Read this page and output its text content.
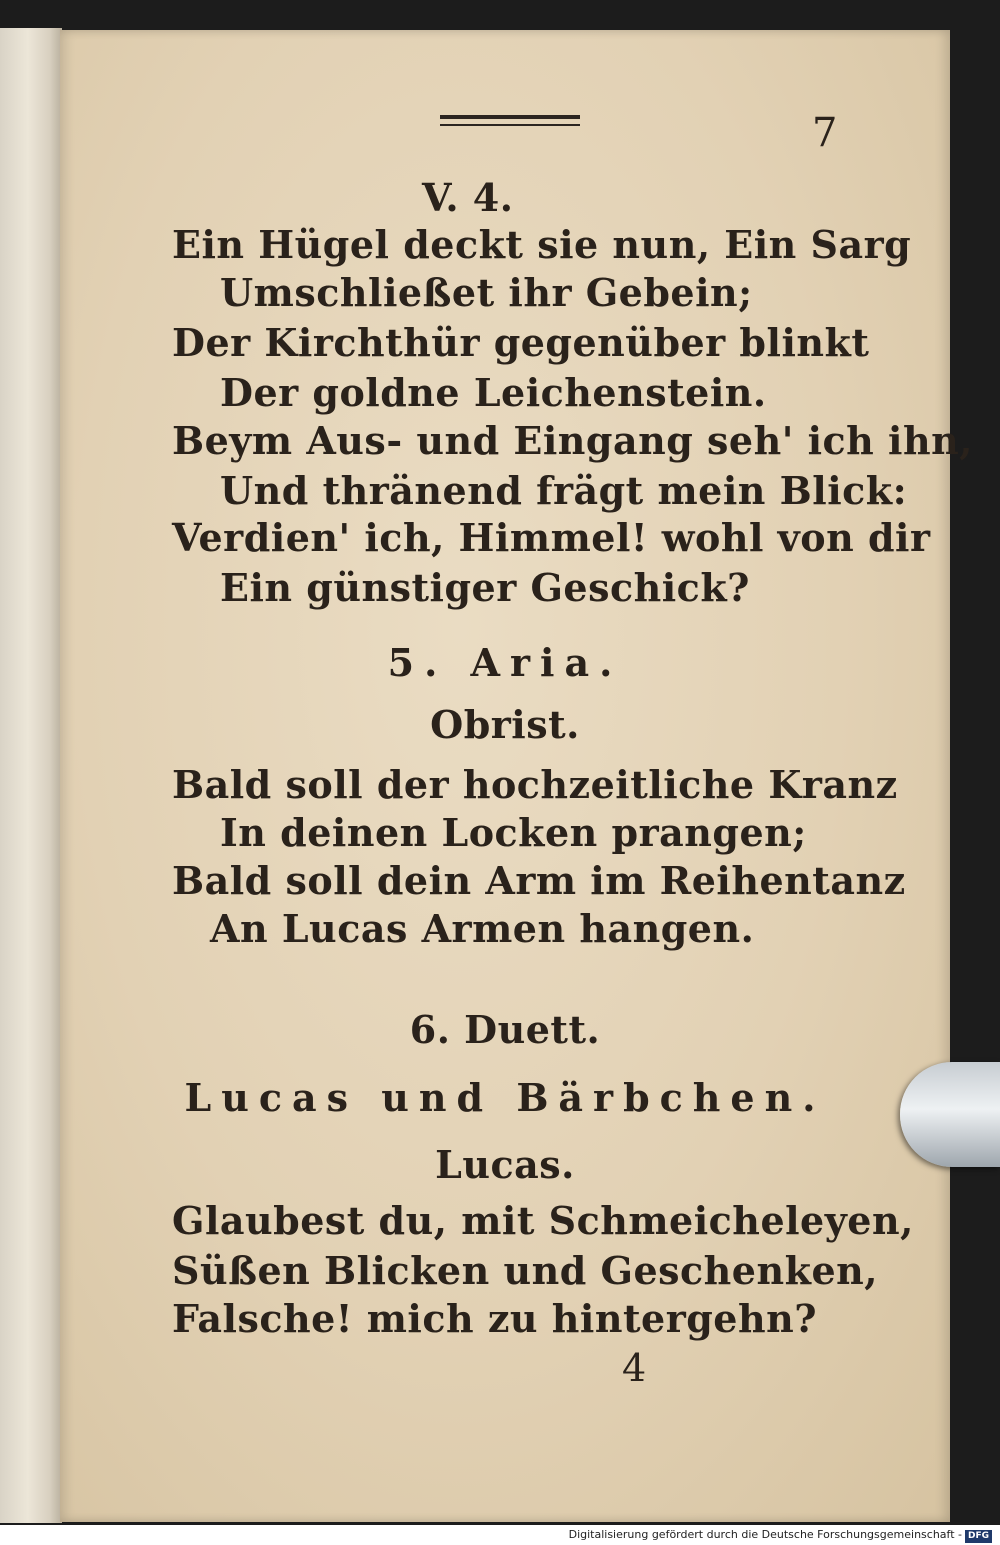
7
V. 4.
Ein Hügel deckt sie nun, Ein Sarg
Umschließet ihr Gebein;
Der Kirchthür gegenüber blinkt
Der goldne Leichenstein.
Beym Aus- und Eingang seh' ich ihn,
Und thränend frägt mein Blick:
Verdien' ich, Himmel! wohl von dir
Ein günstiger Geschick?
5. Aria.
Obrist.
Bald soll der hochzeitliche Kranz
In deinen Locken prangen;
Bald soll dein Arm im Reihentanz
An Lucas Armen hangen.
6. Duett.
Lucas und Bärbchen.
Lucas.
Glaubest du, mit Schmeicheleyen,
Süßen Blicken und Geschenken,
Falsche! mich zu hintergehn?
4
Digitalisierung gefördert durch die Deutsche Forschungsgemeinschaft - DFG
